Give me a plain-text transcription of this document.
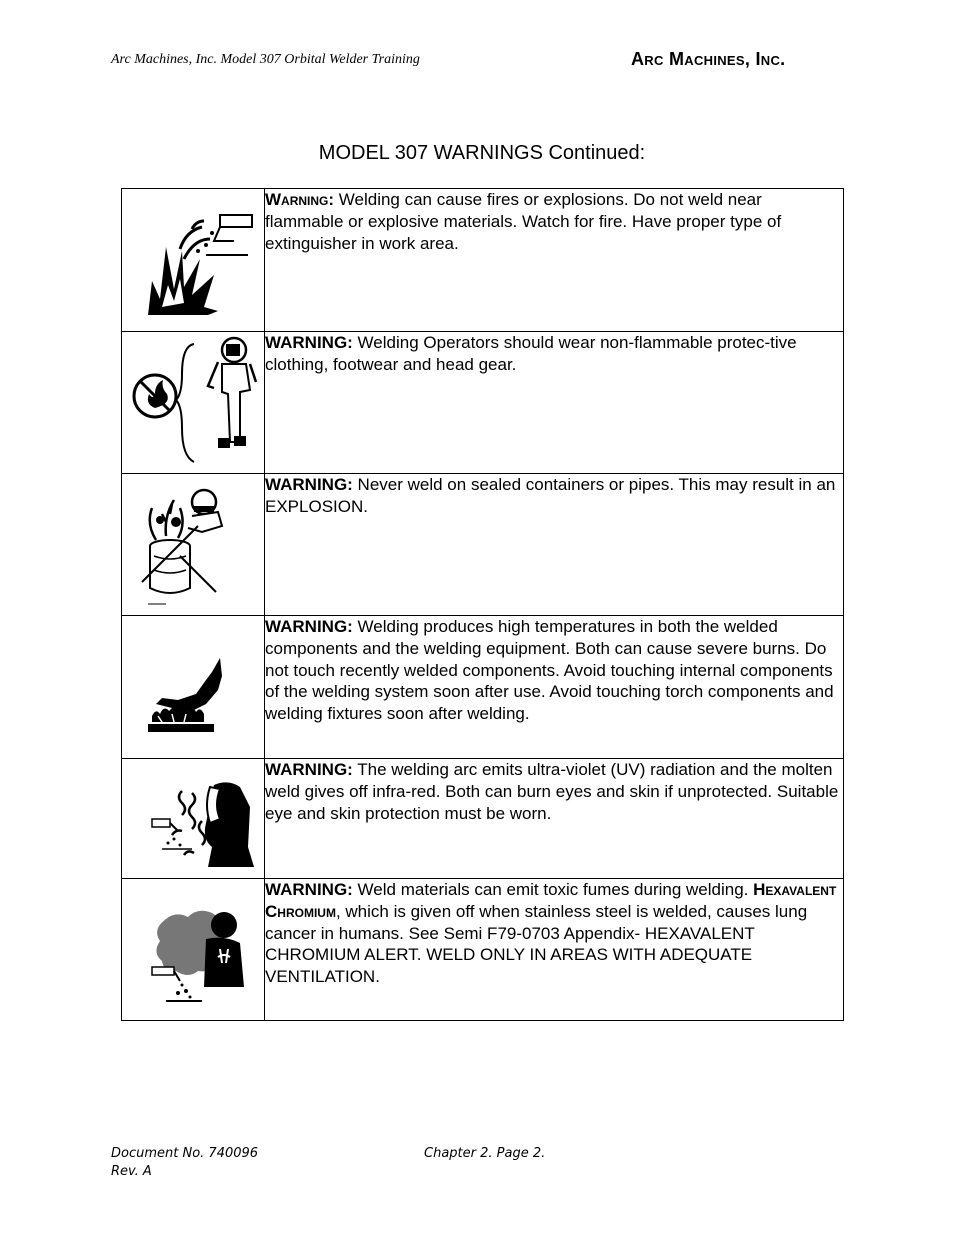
Arc Machines, Inc. Model 307 Orbital Welder Training	Arc Machines, Inc.
MODEL 307 WARNINGS Continued:
	Warning: Welding can cause fires or explosions. Do not weld near flammable or explosive materials. Watch for fire. Have proper type of extinguisher in work area.

	WARNING: Welding Operators should wear non-flammable protec-tive clothing, footwear and head gear.

	WARNING: Never weld on sealed containers or pipes. This may result in an EXPLOSION.

	WARNING: Welding produces high temperatures in both the welded components and the welding equipment. Both can cause severe burns. Do not touch recently welded components. Avoid touching internal components of the welding system soon after use. Avoid touching torch components and welding fixtures soon after welding.

	WARNING: The welding arc emits ultra-violet (UV) radiation and the molten weld gives off infra-red. Both can burn eyes and skin if unprotected. Suitable eye and skin protection must be worn.

	WARNING: Weld materials can emit toxic fumes during welding. Hexavalent Chromium, which is given off when stainless steel is welded, causes lung cancer in humans. See Semi F79-0703 Appendix- HEXAVALENT CHROMIUM ALERT. WELD ONLY IN AREAS WITH ADEQUATE VENTILATION.
Document No. 740096
Rev. A
Chapter 2. Page 2.
